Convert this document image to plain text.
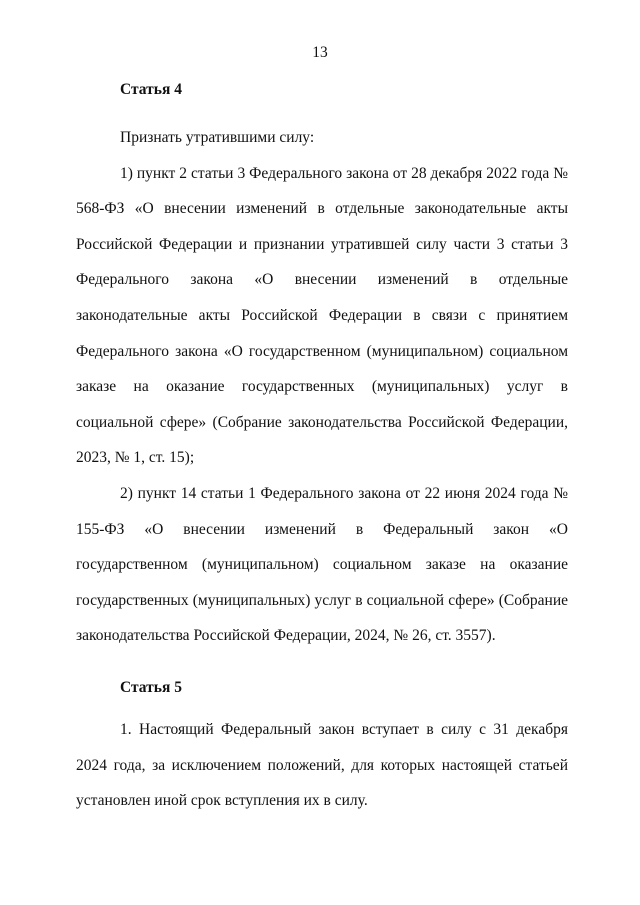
13

Статья 4

Признать утратившими силу:

1) пункт 2 статьи 3 Федерального закона от 28 декабря 2022 года № 568-ФЗ «О внесении изменений в отдельные законодательные акты Российской Федерации и признании утратившей силу части 3 статьи 3 Федерального закона «О внесении изменений в отдельные законодательные акты Российской Федерации в связи с принятием Федерального закона «О государственном (муниципальном) социальном заказе на оказание государственных (муниципальных) услуг в социальной сфере» (Собрание законодательства Российской Федерации, 2023, № 1, ст. 15);

2) пункт 14 статьи 1 Федерального закона от 22 июня 2024 года № 155-ФЗ «О внесении изменений в Федеральный закон «О государственном (муниципальном) социальном заказе на оказание государственных (муниципальных) услуг в социальной сфере» (Собрание законодательства Российской Федерации, 2024, № 26, ст. 3557).

Статья 5

1. Настоящий Федеральный закон вступает в силу с 31 декабря 2024 года, за исключением положений, для которых настоящей статьей установлен иной срок вступления их в силу.
